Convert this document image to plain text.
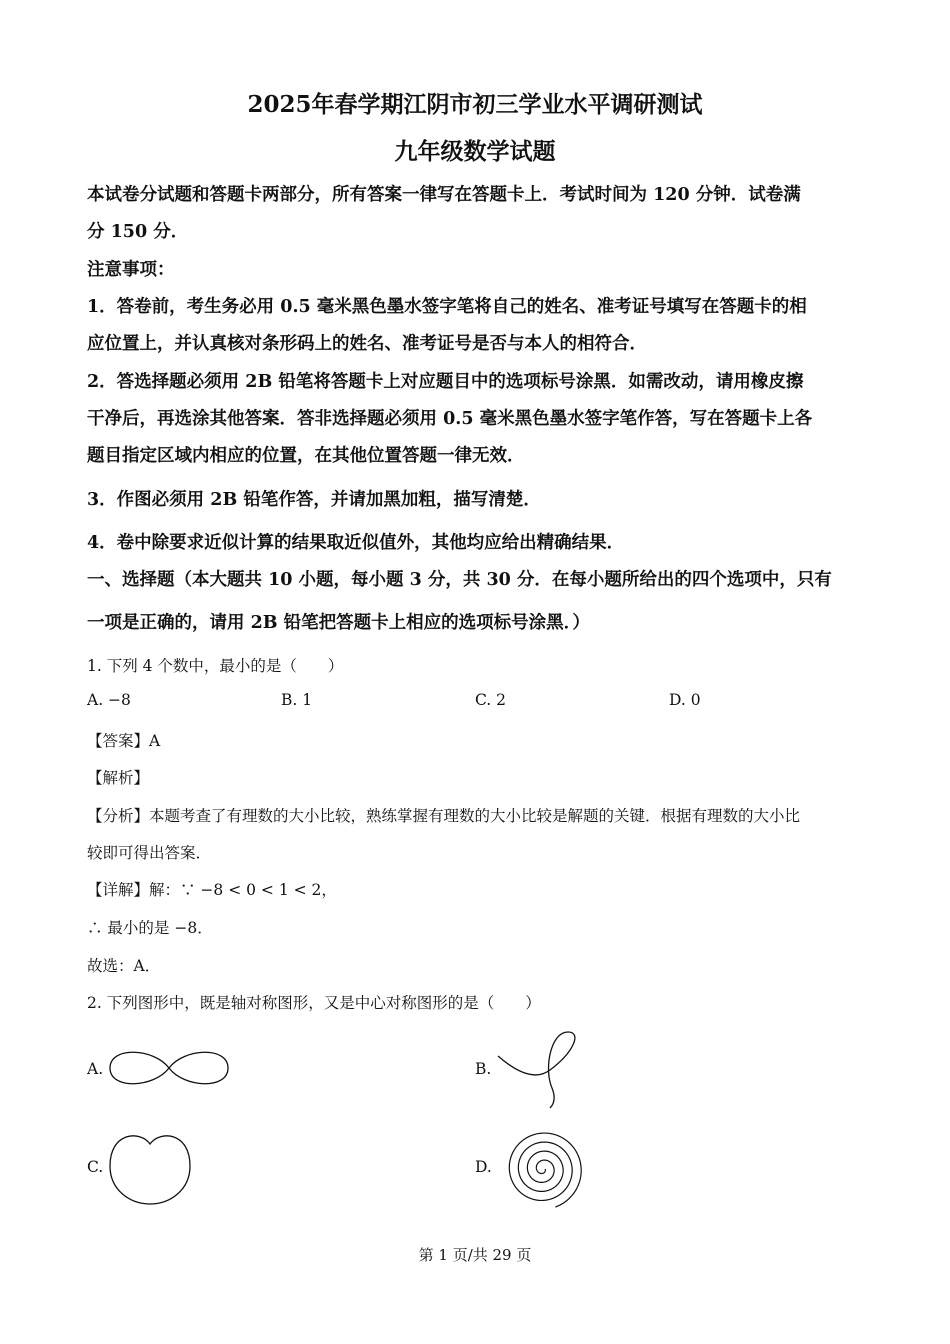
2025年春学期江阴市初三学业水平调研测试
九年级数学试题
本试卷分试题和答题卡两部分，所有答案一律写在答题卡上．考试时间为 120 分钟．试卷满
分 150 分．
注意事项：
1．答卷前，考生务必用 0.5 毫米黑色墨水签字笔将自己的姓名、准考证号填写在答题卡的相
应位置上，并认真核对条形码上的姓名、准考证号是否与本人的相符合．
2．答选择题必须用 2B 铅笔将答题卡上对应题目中的选项标号涂黑．如需改动，请用橡皮擦
干净后，再选涂其他答案．答非选择题必须用 0.5 毫米黑色墨水签字笔作答，写在答题卡上各
题目指定区域内相应的位置，在其他位置答题一律无效．
3．作图必须用 2B 铅笔作答，并请加黑加粗，描写清楚．
4．卷中除要求近似计算的结果取近似值外，其他均应给出精确结果．
一、选择题（本大题共 10 小题，每小题 3 分，共 30 分．在每小题所给出的四个选项中，只有
一项是正确的，请用 2B 铅笔把答题卡上相应的选项标号涂黑．）
1. 下列 4 个数中，最小的是（　　）
A. −8	B. 1	C. 2	D. 0
【答案】A
【解析】
【分析】本题考查了有理数的大小比较，熟练掌握有理数的大小比较是解题的关键．根据有理数的大小比
较即可得出答案．
【详解】解：∵ −8 < 0 < 1 < 2，
∴ 最小的是 −8．
故选：A．
2. 下列图形中，既是轴对称图形，又是中心对称图形的是（　　）
A.	B.
C.	D.
第 1 页/共 29 页
